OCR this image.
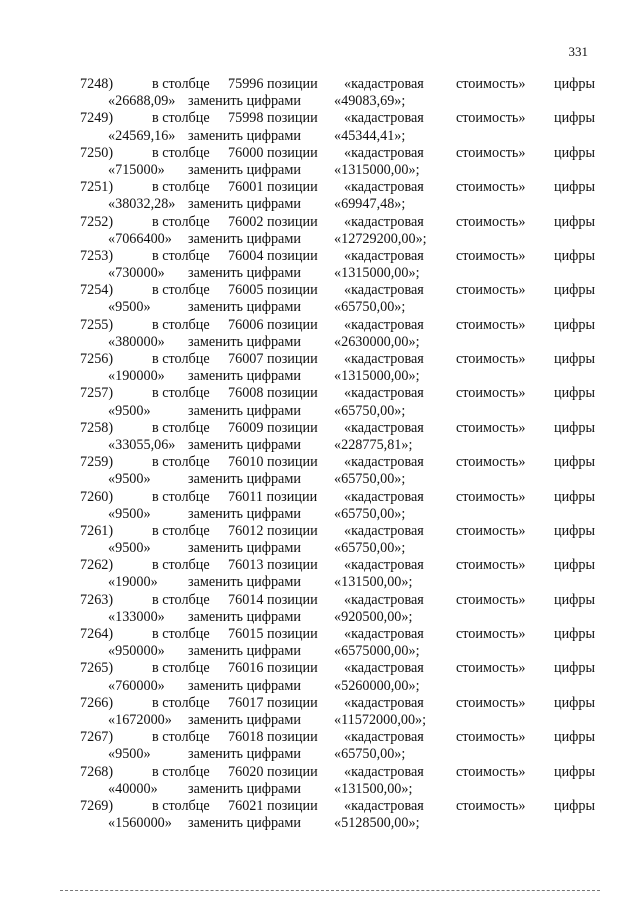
331
7248)	в столбце 75996 позиции «кадастровая стоимость» цифры
«26688,09» заменить цифрами «49083,69»;
7249)	в столбце 75998 позиции «кадастровая стоимость» цифры
«24569,16» заменить цифрами «45344,41»;
7250)	в столбце 76000 позиции «кадастровая стоимость» цифры
«715000» заменить цифрами «1315000,00»;
7251)	в столбце 76001 позиции «кадастровая стоимость» цифры
«38032,28» заменить цифрами «69947,48»;
7252)	в столбце 76002 позиции «кадастровая стоимость» цифры
«7066400» заменить цифрами «12729200,00»;
7253)	в столбце 76004 позиции «кадастровая стоимость» цифры
«730000» заменить цифрами «1315000,00»;
7254)	в столбце 76005 позиции «кадастровая стоимость» цифры
«9500»	заменить цифрами «65750,00»;
7255)	в столбце 76006 позиции «кадастровая стоимость» цифры
«380000» заменить цифрами «2630000,00»;
7256)	в столбце 76007 позиции «кадастровая стоимость» цифры
«190000» заменить цифрами «1315000,00»;
7257)	в столбце 76008 позиции «кадастровая стоимость» цифры
«9500»	заменить цифрами «65750,00»;
7258)	в столбце 76009 позиции «кадастровая стоимость» цифры
«33055,06» заменить цифрами «228775,81»;
7259)	в столбце 76010 позиции «кадастровая стоимость» цифры
«9500»	заменить цифрами «65750,00»;
7260)	в столбце 76011 позиции «кадастровая стоимость» цифры
«9500»	заменить цифрами «65750,00»;
7261)	в столбце 76012 позиции «кадастровая стоимость» цифры
«9500»	заменить цифрами «65750,00»;
7262)	в столбце 76013 позиции «кадастровая стоимость» цифры
«19000» заменить цифрами «131500,00»;
7263)	в столбце 76014 позиции «кадастровая стоимость» цифры
«133000» заменить цифрами «920500,00»;
7264)	в столбце 76015 позиции «кадастровая стоимость» цифры
«950000» заменить цифрами «6575000,00»;
7265)	в столбце 76016 позиции «кадастровая стоимость» цифры
«760000» заменить цифрами «5260000,00»;
7266)	в столбце 76017 позиции «кадастровая стоимость» цифры
«1672000» заменить цифрами «11572000,00»;
7267)	в столбце 76018 позиции «кадастровая стоимость» цифры
«9500»	заменить цифрами «65750,00»;
7268)	в столбце 76020 позиции «кадастровая стоимость» цифры
«40000» заменить цифрами «131500,00»;
7269)	в столбце 76021 позиции «кадастровая стоимость» цифры
«1560000» заменить цифрами «5128500,00»;
